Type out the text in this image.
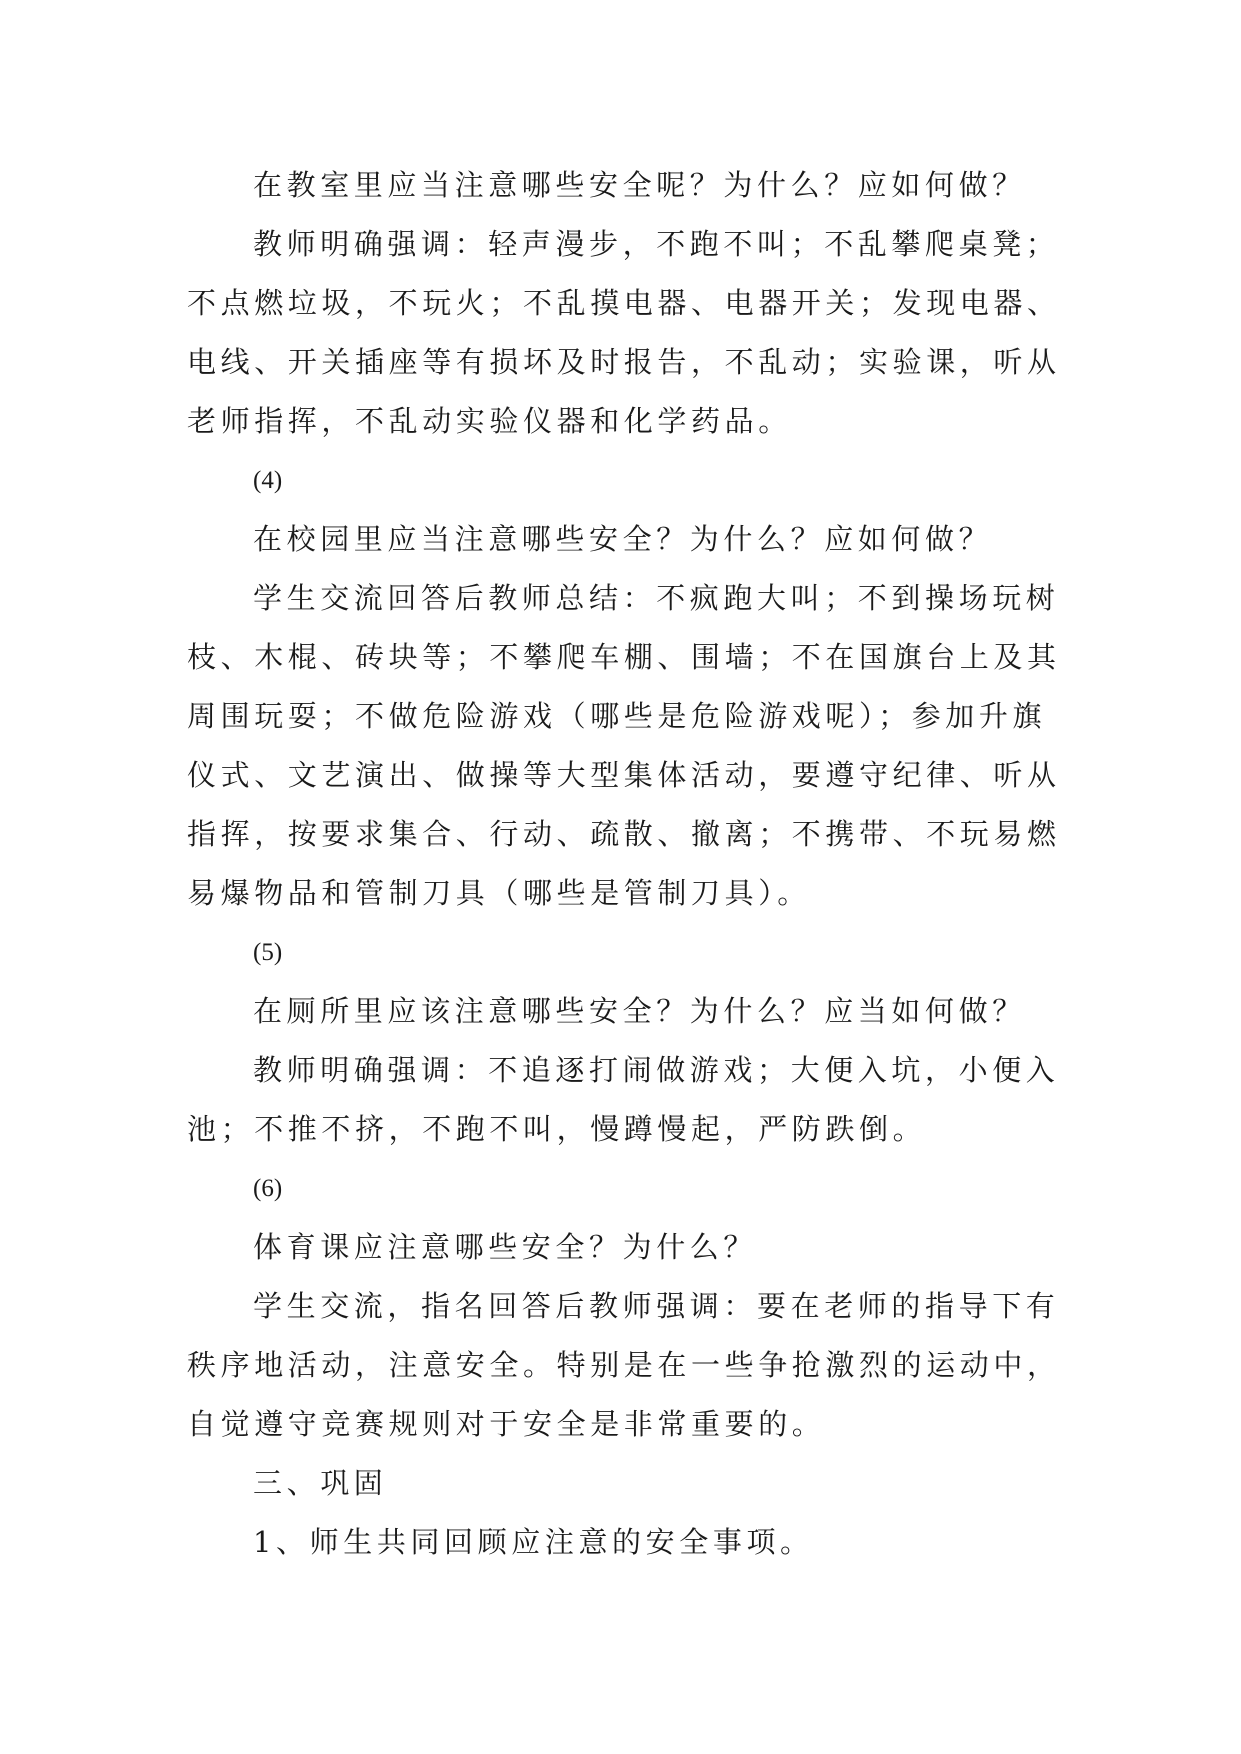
在教室里应当注意哪些安全呢？为什么？应如何做？

教师明确强调：轻声漫步，不跑不叫；不乱攀爬桌凳；不点燃垃圾，不玩火；不乱摸电器、电器开关；发现电器、电线、开关插座等有损坏及时报告，不乱动；实验课，听从老师指挥，不乱动实验仪器和化学药品。

(4)

在校园里应当注意哪些安全？为什么？应如何做？

学生交流回答后教师总结：不疯跑大叫；不到操场玩树枝、木棍、砖块等；不攀爬车棚、围墙；不在国旗台上及其周围玩耍；不做危险游戏（哪些是危险游戏呢）；参加升旗仪式、文艺演出、做操等大型集体活动，要遵守纪律、听从指挥，按要求集合、行动、疏散、撤离；不携带、不玩易燃易爆物品和管制刀具（哪些是管制刀具）。

(5)

在厕所里应该注意哪些安全？为什么？应当如何做？

教师明确强调：不追逐打闹做游戏；大便入坑，小便入池；不推不挤，不跑不叫，慢蹲慢起，严防跌倒。

(6)

体育课应注意哪些安全？为什么？

学生交流，指名回答后教师强调：要在老师的指导下有秩序地活动，注意安全。特别是在一些争抢激烈的运动中，自觉遵守竞赛规则对于安全是非常重要的。

三、巩固

1、师生共同回顾应注意的安全事项。
